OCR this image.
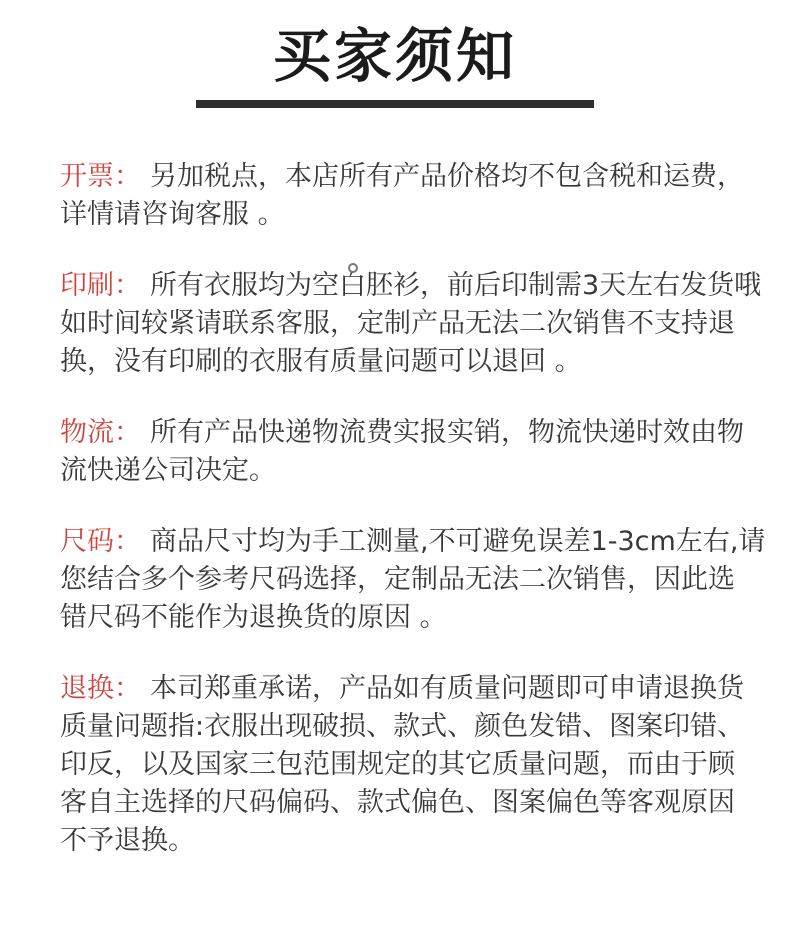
买家须知

开票： 另加税点，本店所有产品价格均不包含税和运费，

详情请咨询客服 。

印刷： 所有衣服均为空白胚衫，前后印制需3天左右发货哦

如时间较紧请联系客服，定制产品无法二次销售不支持退

换，没有印刷的衣服有质量问题可以退回 。

物流： 所有产品快递物流费实报实销，物流快递时效由物

流快递公司决定。

尺码： 商品尺寸均为手工测量,不可避免误差1-3cm左右,请

您结合多个参考尺码选择，定制品无法二次销售，因此选

错尺码不能作为退换货的原因 。

退换： 本司郑重承诺，产品如有质量问题即可申请退换货

质量问题指:衣服出现破损、款式、颜色发错、图案印错、

印反，以及国家三包范围规定的其它质量问题，而由于顾

客自主选择的尺码偏码、款式偏色、图案偏色等客观原因

不予退换。
